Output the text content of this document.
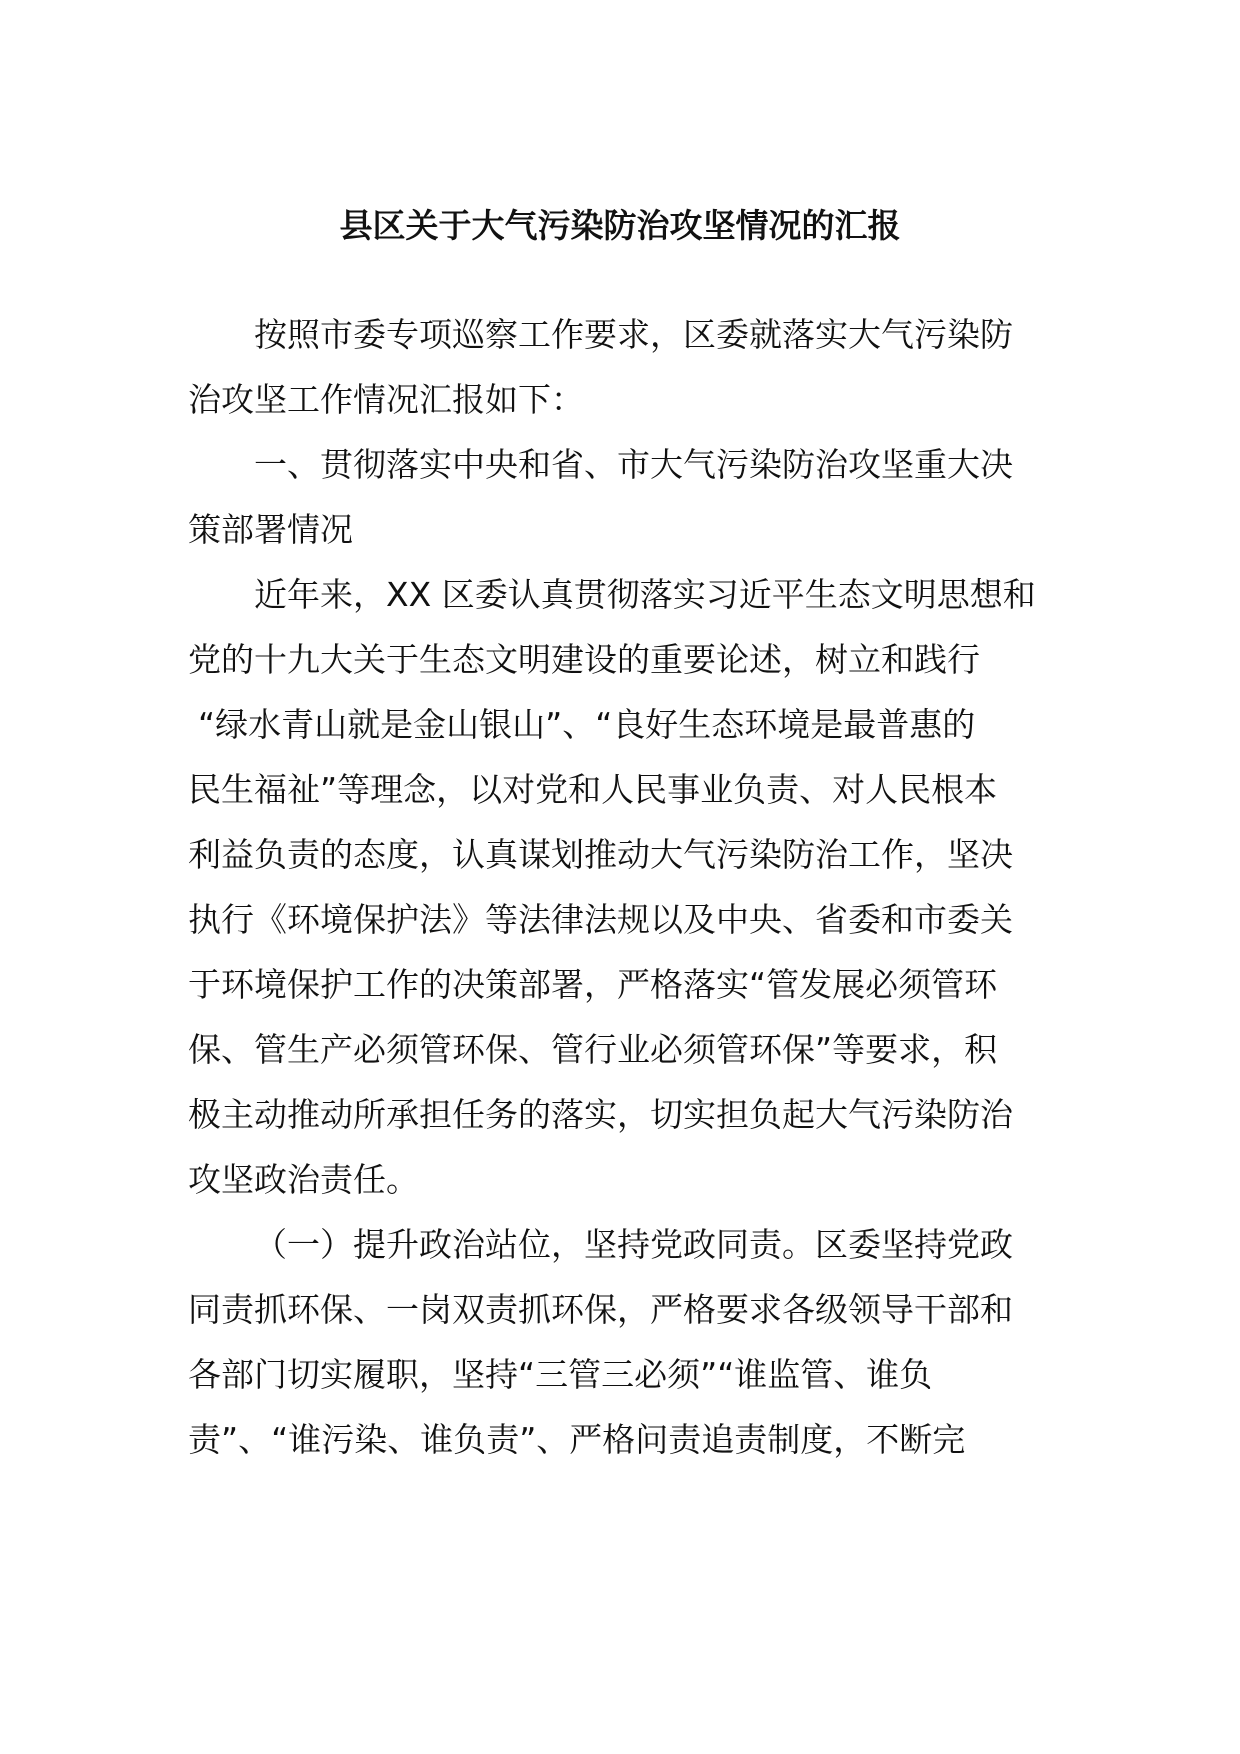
县区关于大气污染防治攻坚情况的汇报

按照市委专项巡察工作要求，区委就落实大气污染防
治攻坚工作情况汇报如下：

一、贯彻落实中央和省、市大气污染防治攻坚重大决
策部署情况

近年来，XX 区委认真贯彻落实习近平生态文明思想和
党的十九大关于生态文明建设的重要论述，树立和践行
“绿水青山就是金山银山”、“良好生态环境是最普惠的
民生福祉”等理念，以对党和人民事业负责、对人民根本
利益负责的态度，认真谋划推动大气污染防治工作，坚决
执行《环境保护法》等法律法规以及中央、省委和市委关
于环境保护工作的决策部署，严格落实“管发展必须管环
保、管生产必须管环保、管行业必须管环保”等要求，积
极主动推动所承担任务的落实，切实担负起大气污染防治
攻坚政治责任。

（一）提升政治站位，坚持党政同责。区委坚持党政
同责抓环保、一岗双责抓环保，严格要求各级领导干部和
各部门切实履职，坚持“三管三必须”“谁监管、谁负
责”、“谁污染、谁负责”、严格问责追责制度，不断完
